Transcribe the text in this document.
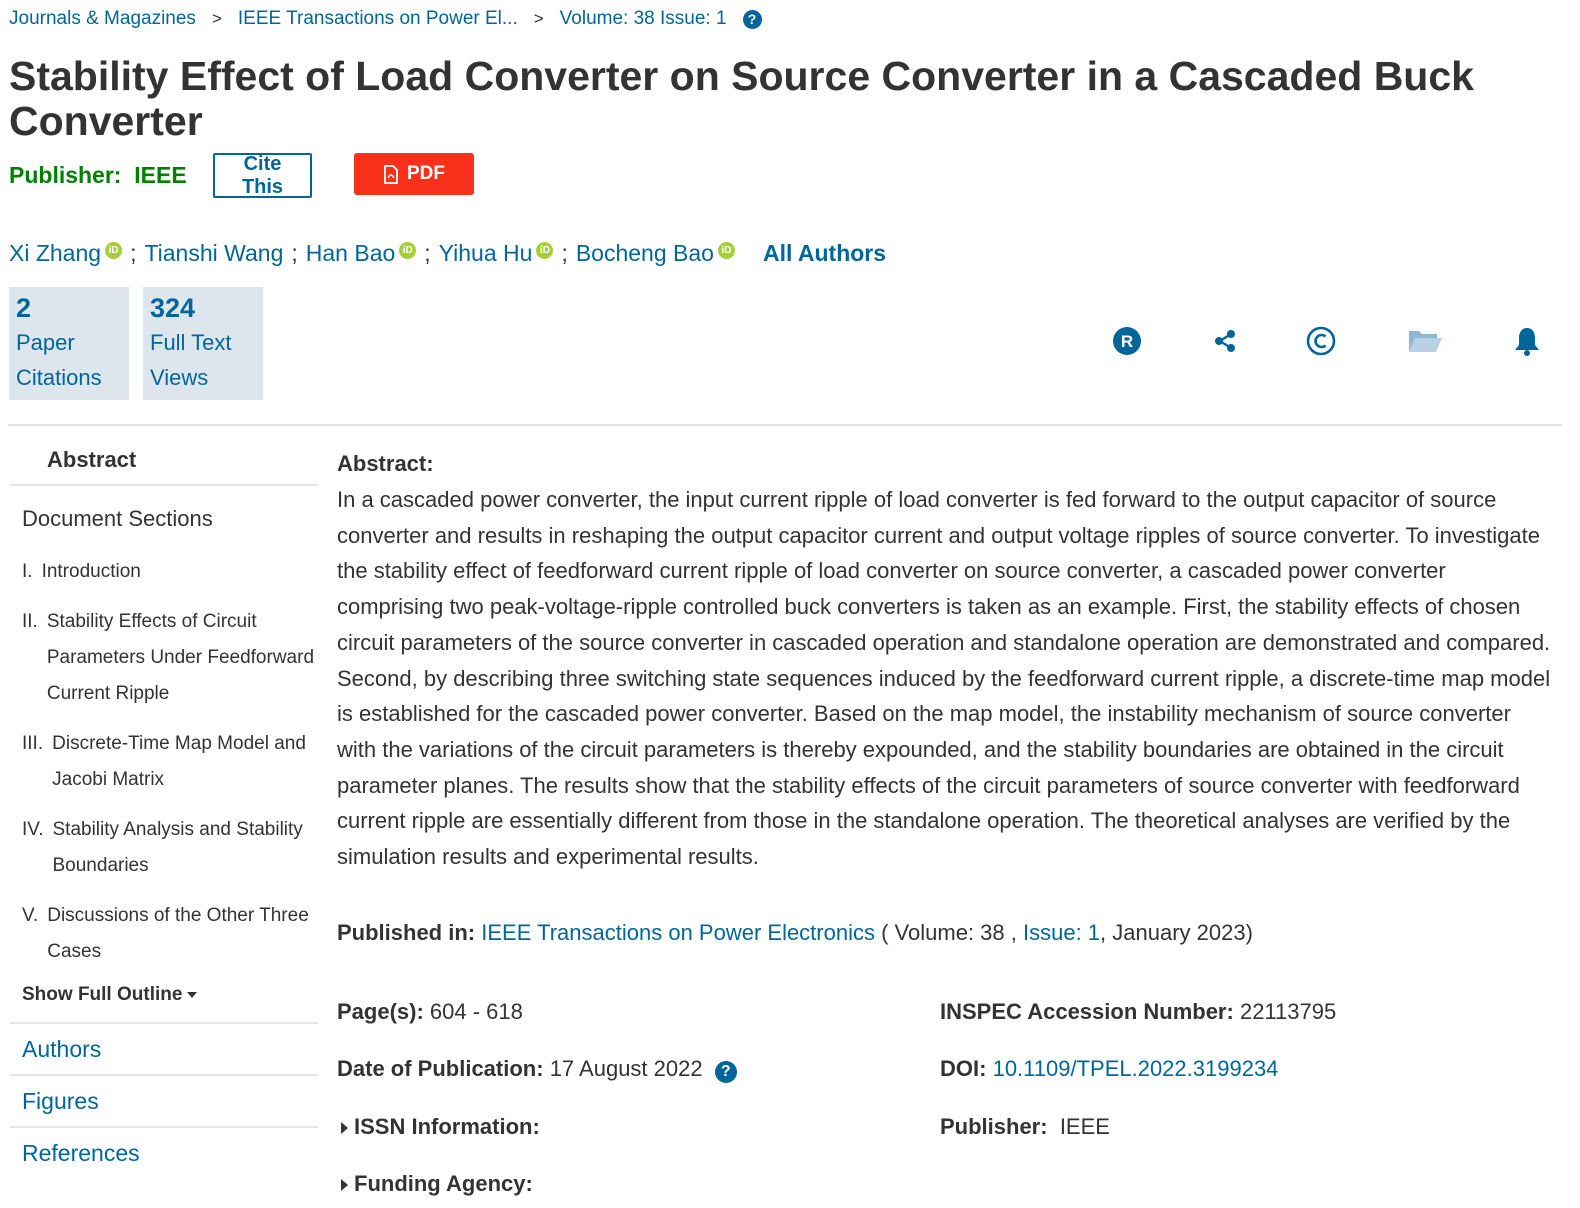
Journals & Magazines > IEEE Transactions on Power El... > Volume: 38 Issue: 1	?
Stability Effect of Load Converter on Source Converter in a Cascaded Buck Converter
Publisher: IEEE	Cite This
PDF
Xi Zhang iD ; Tianshi Wang ; Han Bao iD ; Yihua Hu iD ; Bocheng Bao iD All Authors
2
Paper Citations
324
Full Text Views
R
Abstract
Document Sections
I. Introduction
II. Stability Effects of Circuit Parameters Under Feedforward Current Ripple
III. Discrete-Time Map Model and Jacobi Matrix
IV. Stability Analysis and Stability Boundaries
V. Discussions of the Other Three Cases
Show Full Outline
Authors
Figures
References
Abstract:
In a cascaded power converter, the input current ripple of load converter is fed forward to the output capacitor of source converter and results in reshaping the output capacitor current and output voltage ripples of source converter. To investigate the stability effect of feedforward current ripple of load converter on source converter, a cascaded power converter comprising two peak-voltage-ripple controlled buck converters is taken as an example. First, the stability effects of chosen circuit parameters of the source converter in cascaded operation and standalone operation are demonstrated and compared. Second, by describing three switching state sequences induced by the feedforward current ripple, a discrete-time map model is established for the cascaded power converter. Based on the map model, the instability mechanism of source converter with the variations of the circuit parameters is thereby expounded, and the stability boundaries are obtained in the circuit parameter planes. The results show that the stability effects of the circuit parameters of source converter with feedforward current ripple are essentially different from those in the standalone operation. The theoretical analyses are verified by the simulation results and experimental results.
Published in: IEEE Transactions on Power Electronics ( Volume: 38 , Issue: 1, January 2023)
Page(s): 604 - 618
Date of Publication: 17 August 2022 ?
ISSN Information:
Funding Agency:
INSPEC Accession Number: 22113795
DOI: 10.1109/TPEL.2022.3199234
Publisher: IEEE
